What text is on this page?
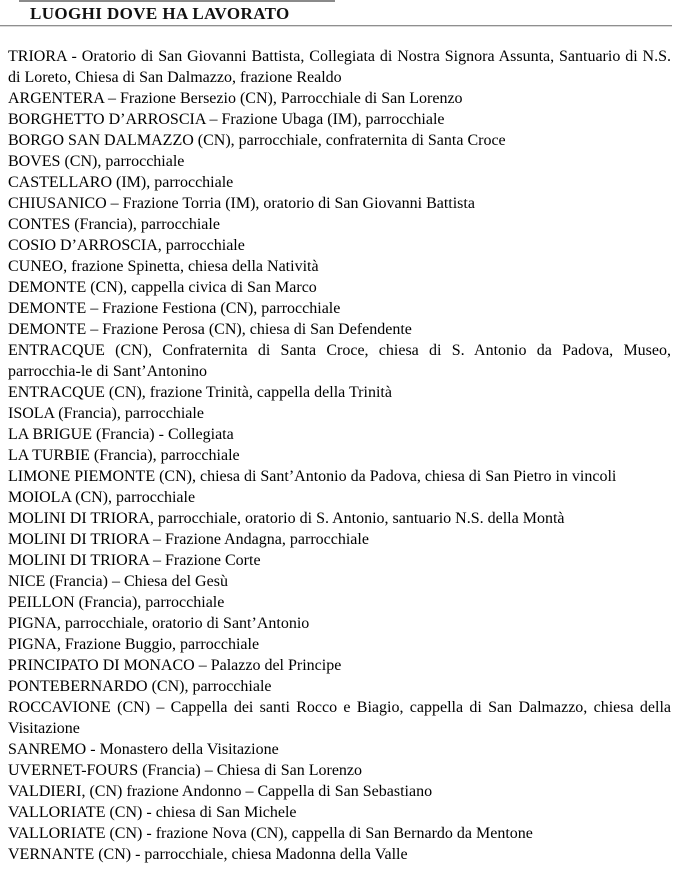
LUOGHI DOVE HA LAVORATO

TRIORA - Oratorio di San Giovanni Battista, Collegiata di Nostra Signora Assunta, Santuario di N.S. di Loreto, Chiesa di San Dalmazzo, frazione Realdo

ARGENTERA – Frazione Bersezio (CN), Parrocchiale di San Lorenzo

BORGHETTO D’ARROSCIA – Frazione Ubaga (IM), parrocchiale

BORGO SAN DALMAZZO (CN), parrocchiale, confraternita di Santa Croce

BOVES (CN), parrocchiale

CASTELLARO (IM), parrocchiale

CHIUSANICO – Frazione Torria (IM), oratorio di San Giovanni Battista

CONTES (Francia), parrocchiale

COSIO D’ARROSCIA, parrocchiale

CUNEO, frazione Spinetta, chiesa della Natività

DEMONTE (CN), cappella civica di San Marco

DEMONTE – Frazione Festiona (CN), parrocchiale

DEMONTE – Frazione Perosa (CN), chiesa di San Defendente

ENTRACQUE (CN), Confraternita di Santa Croce, chiesa di S. Antonio da Padova, Museo, parrocchia-le di Sant’Antonino

ENTRACQUE (CN), frazione Trinità, cappella della Trinità

ISOLA (Francia), parrocchiale

LA BRIGUE (Francia) - Collegiata

LA TURBIE (Francia), parrocchiale

LIMONE PIEMONTE (CN), chiesa di Sant’Antonio da Padova, chiesa di San Pietro in vincoli

MOIOLA (CN), parrocchiale

MOLINI DI TRIORA, parrocchiale, oratorio di S. Antonio, santuario N.S. della Montà

MOLINI DI TRIORA – Frazione Andagna, parrocchiale

MOLINI DI TRIORA – Frazione Corte

NICE (Francia) – Chiesa del Gesù

PEILLON (Francia), parrocchiale

PIGNA, parrocchiale, oratorio di Sant’Antonio

PIGNA, Frazione Buggio, parrocchiale

PRINCIPATO DI MONACO – Palazzo del Principe

PONTEBERNARDO (CN), parrocchiale

ROCCAVIONE (CN) – Cappella dei santi Rocco e Biagio, cappella di San Dalmazzo, chiesa della Visitazione

SANREMO - Monastero della Visitazione

UVERNET-FOURS (Francia) – Chiesa di San Lorenzo

VALDIERI, (CN) frazione Andonno – Cappella di San Sebastiano

VALLORIATE (CN) - chiesa di San Michele

VALLORIATE (CN) - frazione Nova (CN), cappella di San Bernardo da Mentone

VERNANTE (CN) - parrocchiale, chiesa Madonna della Valle
